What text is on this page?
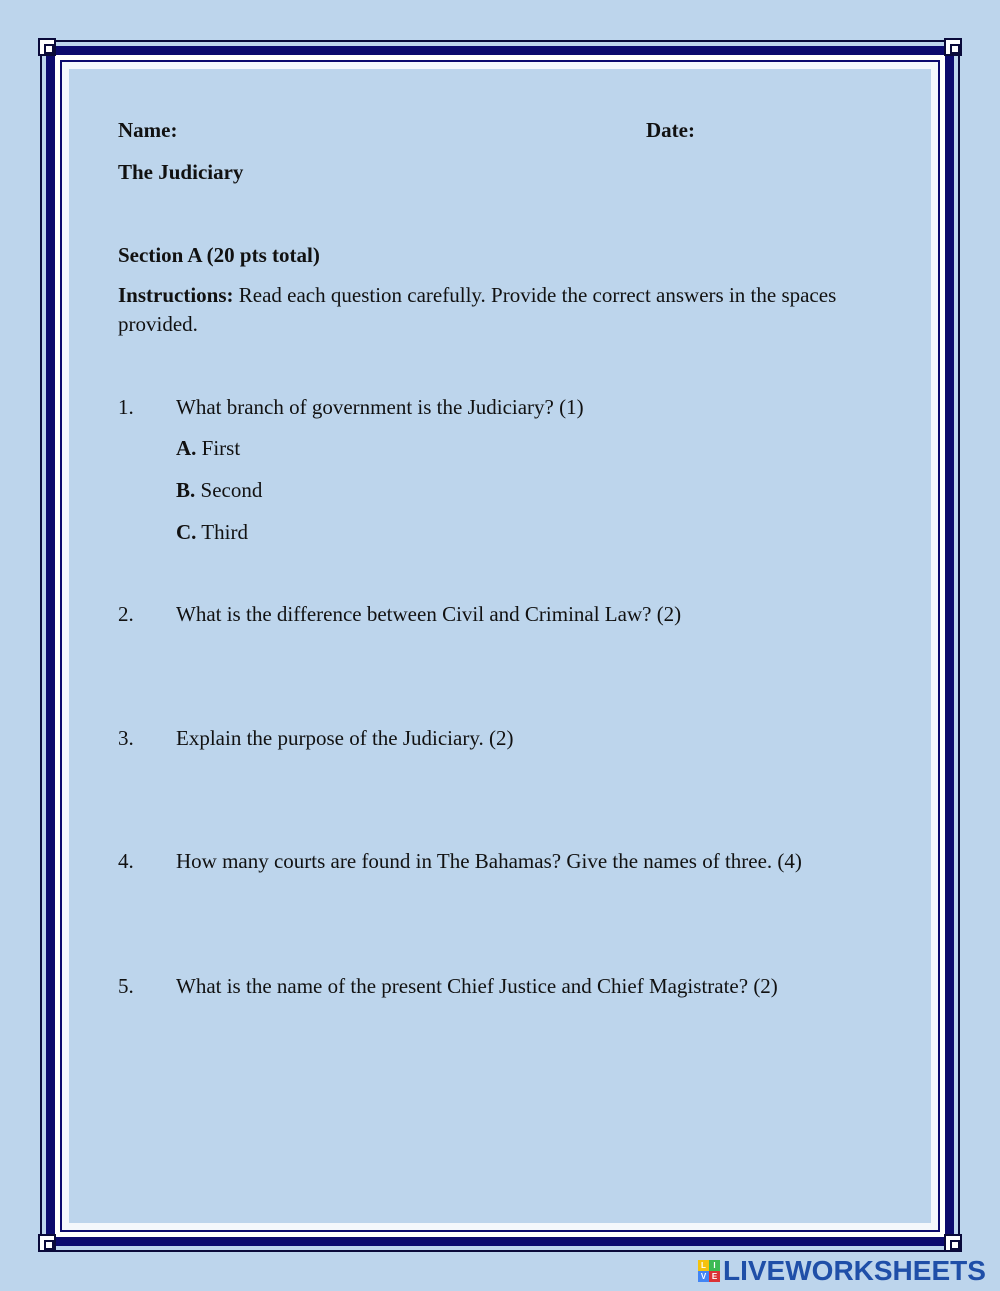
Name:	Date:
The Judiciary
Section A (20 pts total)
Instructions: Read each question carefully. Provide the correct answers in the spaces provided.
1. What branch of government is the Judiciary? (1)
A. First
B. Second
C. Third
2. What is the difference between Civil and Criminal Law? (2)
3. Explain the purpose of the Judiciary. (2)
4. How many courts are found in The Bahamas? Give the names of three. (4)
5. What is the name of the present Chief Justice and Chief Magistrate? (2)
L I
V E LIVEWORKSHEETS
